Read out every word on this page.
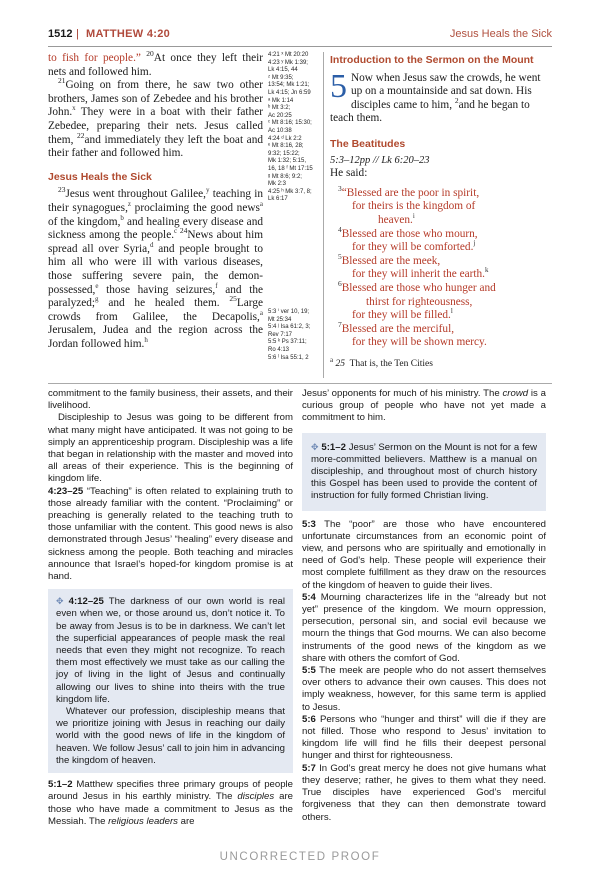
1512 | MATTHEW 4:20	Jesus Heals the Sick

to fish for people.” $^{20}$At once they left their nets and followed him.

$^{21}$Going on from there, he saw two other brothers, James son of Zebedee and his brother John.$^x$ They were in a boat with their father Zebedee, preparing their nets. Jesus called them, $^{22}$and immediately they left the boat and their father and followed him.

Jesus Heals the Sick

$^{23}$Jesus went throughout Galilee,$^y$ teaching in their synagogues,$^z$ proclaiming the good news$^a$ of the kingdom,$^b$ and healing every disease and sickness among the people.$^c$ $^{24}$News about him spread all over Syria,$^d$ and people brought to him all who were ill with various diseases, those suffering severe pain, the demon-possessed,$^e$ those having seizures,$^f$ and the paralyzed;$^g$ and he healed them. $^{25}$Large crowds from Galilee, the Decapolis,$^a$ Jerusalem, Judea and the region across the Jordan followed him.$^h$

4:21 ˣ Mt 20:20
4:23 ʸ Mk 1:39;
Lk 4:15, 44
ᶻ Mt 9:35;
13:54; Mk 1:21;
Lk 4:15; Jn 6:59
ᵃ Mk 1:14
ᵇ Mt 3:2;
Ac 20:25
ᶜ Mt 8:16; 15:30;
Ac 10:38
4:24 ᵈ Lk 2:2
ᵉ Mt 8:16, 28;
9:32; 15:22;
Mk 1:32; 5:15,
16, 18 ᶠ Mt 17:15
ᵍ Mt 8:6; 9:2;
Mk 2:3
4:25 ʰ Mk 3:7, 8;
Lk 6:17
5:3 ⁱ ver 10, 19;
Mt 25:34
5:4 ʲ Isa 61:2, 3;
Rev 7:17
5:5 ᵏ Ps 37:11;
Ro 4:13
5:6 ˡ Isa 55:1, 2
Introduction to the Sermon on the Mount

5 Now when Jesus saw the crowds, he went up on a mountainside and sat down. His disciples came to him, $^2$and he began to teach them.

The Beatitudes
5:3–12pp // Lk 6:20–23
He said:
$^3$“Blessed are the poor in spirit,
for theirs is the kingdom of
heaven.$^i$
$^4$Blessed are those who mourn,
for they will be comforted.$^j$
$^5$Blessed are the meek,
for they will inherit the earth.$^k$
$^6$Blessed are those who hunger and
thirst for righteousness,
for they will be filled.$^l$
$^7$Blessed are the merciful,
for they will be shown mercy.
$^a$ 25 That is, the Ten Cities

commitment to the family business, their assets, and their livelihood.

Discipleship to Jesus was going to be different from what many might have anticipated. It was not going to be simply an apprenticeship program. Discipleship was a life that began in relationship with the master and moved into all areas of their experience. This is the beginning of kingdom life.

4:23–25 “Teaching” is often related to explaining truth to those already familiar with the content. “Proclaiming” or preaching is generally related to the teaching truth to those unfamiliar with the content. This good news is also demonstrated through Jesus’ “healing” every disease and sickness among the people. Both teaching and miracles announce that Israel’s hoped-for kingdom promise is at hand.

✥ 4:12–25 The darkness of our own world is real even when we, or those around us, don’t notice it. To be away from Jesus is to be in darkness. We can’t let the superficial appearances of people mask the real needs that even they might not recognize. To reach them most effectively we must take as our calling the joy of living in the light of Jesus and continually allowing our lives to shine into theirs with the true kingdom life.

Whatever our profession, discipleship means that we prioritize joining with Jesus in reaching our daily world with the good news of life in the kingdom of heaven. We follow Jesus’ call to join him in advancing the kingdom of heaven.

5:1–2 Matthew specifies three primary groups of people around Jesus in his earthly ministry. The disciples are those who have made a commitment to Jesus as the Messiah. The religious leaders are

Jesus’ opponents for much of his ministry. The crowd is a curious group of people who have not yet made a commitment to him.

✥ 5:1–2 Jesus’ Sermon on the Mount is not for a few more-committed believers. Matthew is a manual on discipleship, and throughout most of church history this Gospel has been used to provide the content of instruction for fully formed Christian living.

5:3 The “poor” are those who have encountered unfortunate circumstances from an economic point of view, and persons who are spiritually and emotionally in need of God’s help. These people will experience their most complete fulfillment as they draw on the resources of the kingdom of heaven to guide their lives.

5:4 Mourning characterizes life in the “already but not yet” presence of the kingdom. We mourn oppression, persecution, personal sin, and social evil because we mourn the things that God mourns. We can also become instruments of the good news of the kingdom as we share with others the comfort of God.

5:5 The meek are people who do not assert themselves over others to advance their own causes. This does not imply weakness, however, for this same term is applied to Jesus.

5:6 Persons who “hunger and thirst” will die if they are not filled. Those who respond to Jesus’ invitation to kingdom life will find he fills their deepest personal hunger and thirst for righteousness.

5:7 In God’s great mercy he does not give humans what they deserve; rather, he gives to them what they need. True disciples have experienced God’s merciful forgiveness that they can then demonstrate toward others.

UNCORRECTED PROOF
